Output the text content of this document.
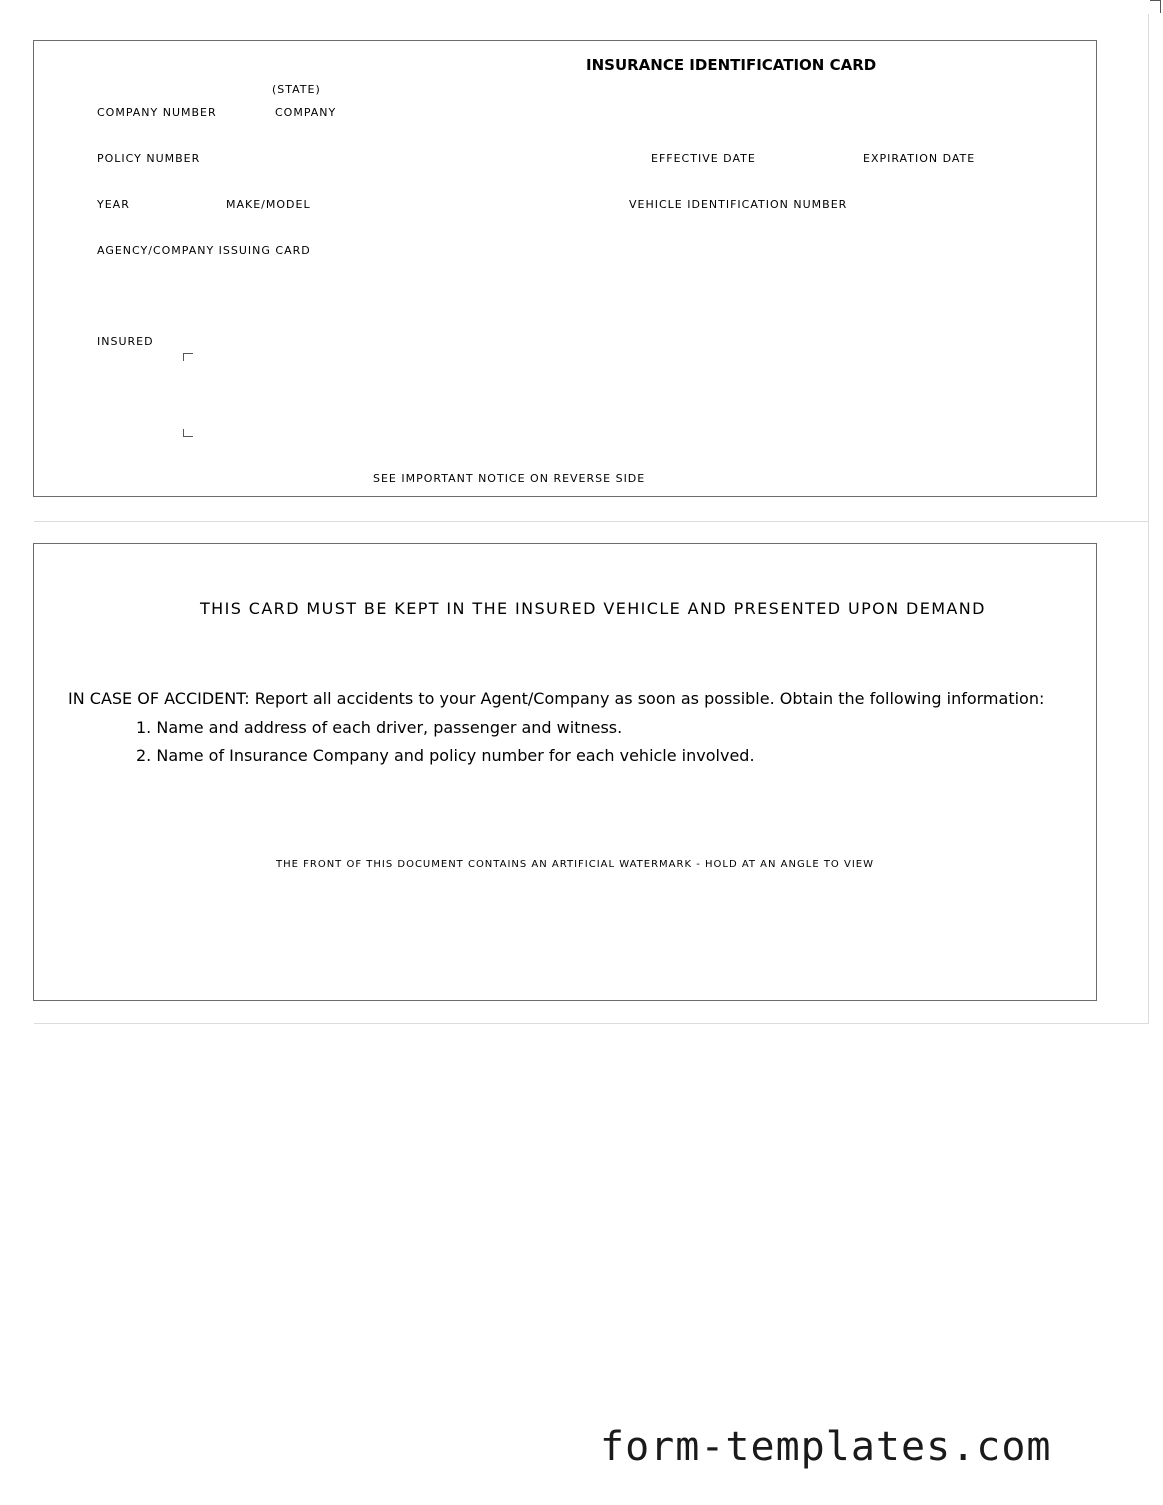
INSURANCE IDENTIFICATION CARD
(STATE)
COMPANY NUMBER	COMPANY
POLICY NUMBER	EFFECTIVE DATE	EXPIRATION DATE
YEAR	MAKE/MODEL	VEHICLE IDENTIFICATION NUMBER
AGENCY/COMPANY ISSUING CARD
INSURED
SEE IMPORTANT NOTICE ON REVERSE SIDE
THIS CARD MUST BE KEPT IN THE INSURED VEHICLE AND PRESENTED UPON DEMAND
IN CASE OF ACCIDENT: Report all accidents to your Agent/Company as soon as possible. Obtain the following information:
1. Name and address of each driver, passenger and witness.
2. Name of Insurance Company and policy number for each vehicle involved.
THE FRONT OF THIS DOCUMENT CONTAINS AN ARTIFICIAL WATERMARK - HOLD AT AN ANGLE TO VIEW
form-templates.com
